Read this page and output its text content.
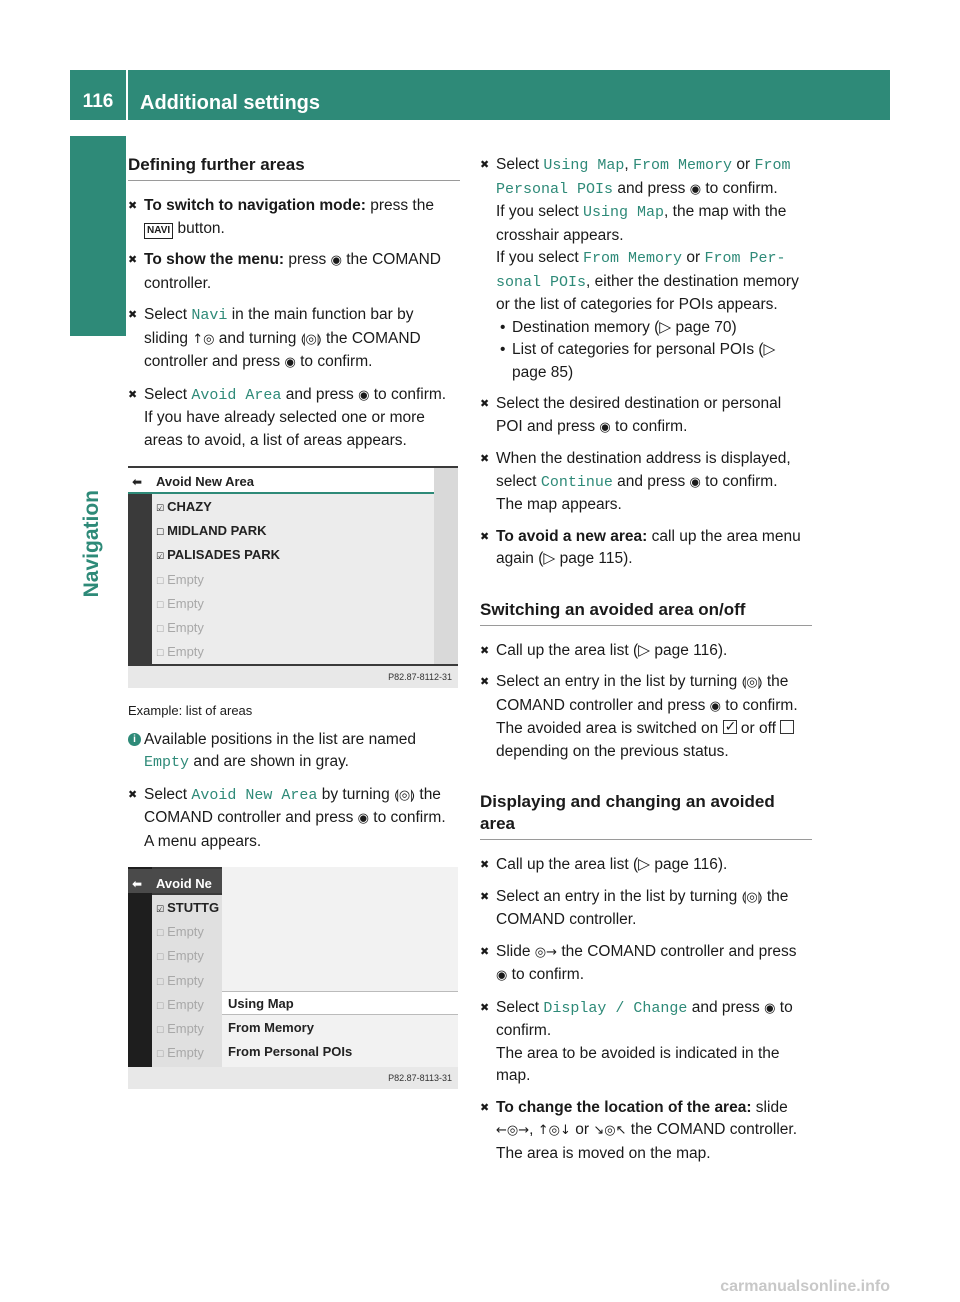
116	Additional settings
Navigation
Defining further areas
✖ To switch to navigation mode: press the NAVI button.
✖ To show the menu: press ◉ the COMAND controller.
✖ Select Navi in the main function bar by sliding ↑◎ and turning ⟬◎⟭ the COMAND controller and press ◉ to confirm.
✖ Select Avoid Area and press ◉ to confirm.
If you have already selected one or more areas to avoid, a list of areas appears.
⬅ Avoid New Area
☑ CHAZY
☐ MIDLAND PARK
☑ PALISADES PARK
☐ Empty
☐ Empty
☐ Empty
☐ Empty
P82.87-8112-31
Example: list of areas
i Available positions in the list are named Empty and are shown in gray.
✖ Select Avoid New Area by turning ⟬◎⟭ the COMAND controller and press ◉ to confirm.
A menu appears.
⬅ Avoid Ne
☑ STUTTG
☐ Empty
☐ Empty
☐ Empty
☐ Empty
☐ Empty
☐ Empty
Using Map
From Memory
From Personal POIs
P82.87-8113-31
✖ Select Using Map, From Memory or From Personal POIs and press ◉ to confirm.
If you select Using Map, the map with the crosshair appears.
If you select From Memory or From Personal POIs, either the destination memory or the list of categories for POIs appears.
• Destination memory (▷ page 70)
• List of categories for personal POIs (▷ page 85)
✖ Select the desired destination or personal POI and press ◉ to confirm.
✖ When the destination address is displayed, select Continue and press ◉ to confirm.
The map appears.
✖ To avoid a new area: call up the area menu again (▷ page 115).
Switching an avoided area on/off
✖ Call up the area list (▷ page 116).
✖ Select an entry in the list by turning ⟬◎⟭ the COMAND controller and press ◉ to confirm.
The avoided area is switched on ✓ or off  depending on the previous status.
Displaying and changing an avoided area
✖ Call up the area list (▷ page 116).
✖ Select an entry in the list by turning ⟬◎⟭ the COMAND controller.
✖ Slide ◎→ the COMAND controller and press ◉ to confirm.
✖ Select Display / Change and press ◉ to confirm.
The area to be avoided is indicated in the map.
✖ To change the location of the area: slide ←◎→, ↑◎↓ or ↘◎↖ the COMAND controller.
The area is moved on the map.
carmanualsonline.info
